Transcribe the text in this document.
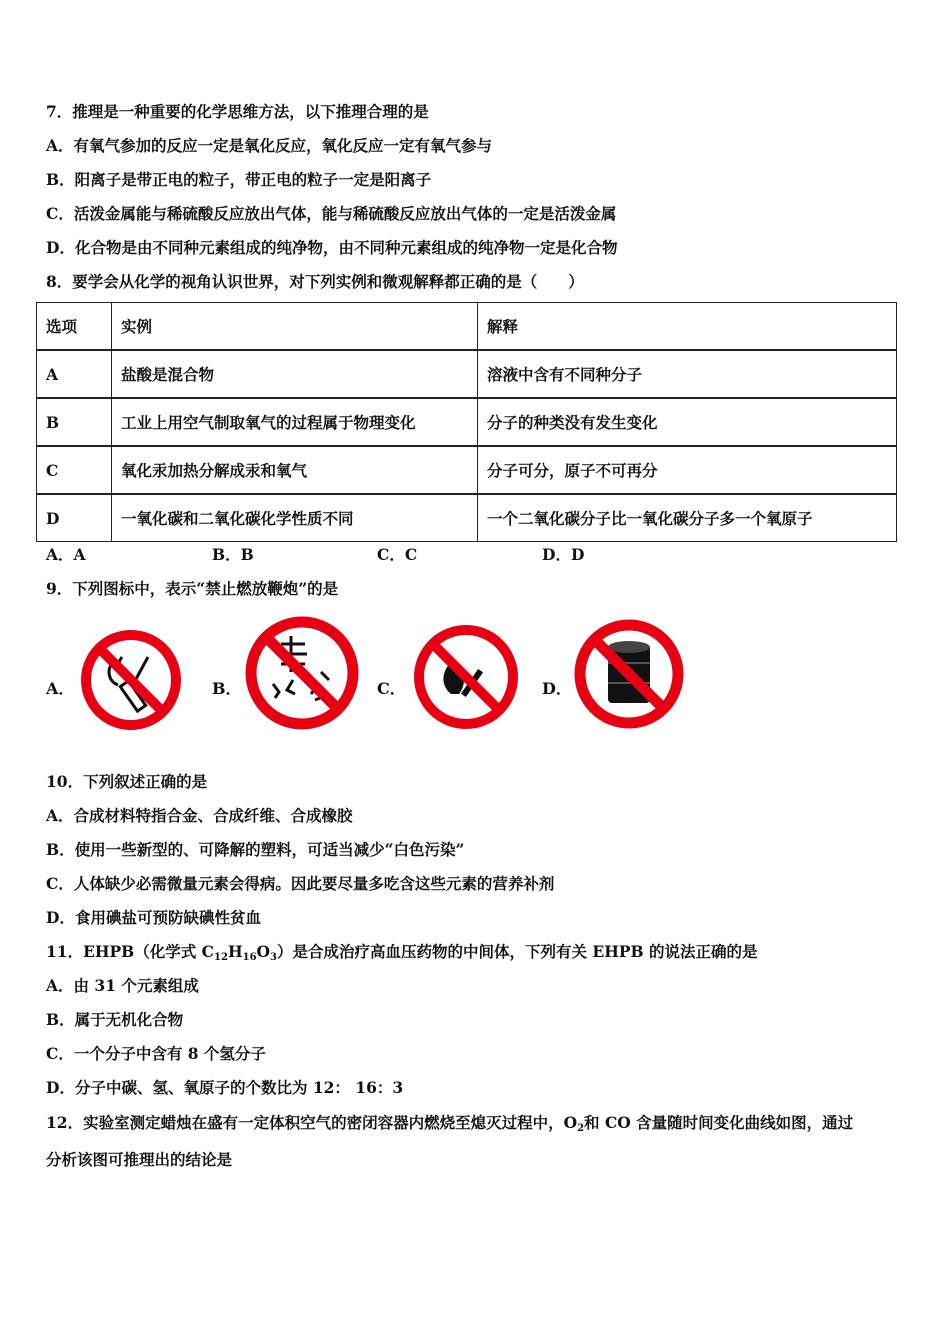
7．推理是一种重要的化学思维方法，以下推理合理的是
A．有氧气参加的反应一定是氧化反应，氧化反应一定有氧气参与
B．阳离子是带正电的粒子，带正电的粒子一定是阳离子
C．活泼金属能与稀硫酸反应放出气体，能与稀硫酸反应放出气体的一定是活泼金属
D．化合物是由不同种元素组成的纯净物，由不同种元素组成的纯净物一定是化合物
8．要学会从化学的视角认识世界，对下列实例和微观解释都正确的是（　　）
选项	实例	解释
A	盐酸是混合物	溶液中含有不同种分子
B	工业上用空气制取氧气的过程属于物理变化	分子的种类没有发生变化
C	氧化汞加热分解成汞和氧气	分子可分，原子不可再分
D	一氧化碳和二氧化碳化学性质不同	一个二氧化碳分子比一氧化碳分子多一个氧原子
A．A	B．B	C．C	D．D
9．下列图标中，表示“禁止燃放鞭炮”的是
A．	B．	C．	D．
10．下列叙述正确的是
A．合成材料特指合金、合成纤维、合成橡胶
B．使用一些新型的、可降解的塑料，可适当减少“白色污染”
C．人体缺少必需微量元素会得病。因此要尽量多吃含这些元素的营养补剂
D．食用碘盐可预防缺碘性贫血
11．EHPB（化学式 $C_{12}H_{16}O_3$）是合成治疗高血压药物的中间体，下列有关 EHPB 的说法正确的是
A．由 31 个元素组成
B．属于无机化合物
C．一个分子中含有 8 个氢分子
D．分子中碳、氢、氧原子的个数比为 12： 16：3
12．实验室测定蜡烛在盛有一定体积空气的密闭容器内燃烧至熄灭过程中，$O_2$和 CO 含量随时间变化曲线如图，通过
分析该图可推理出的结论是
